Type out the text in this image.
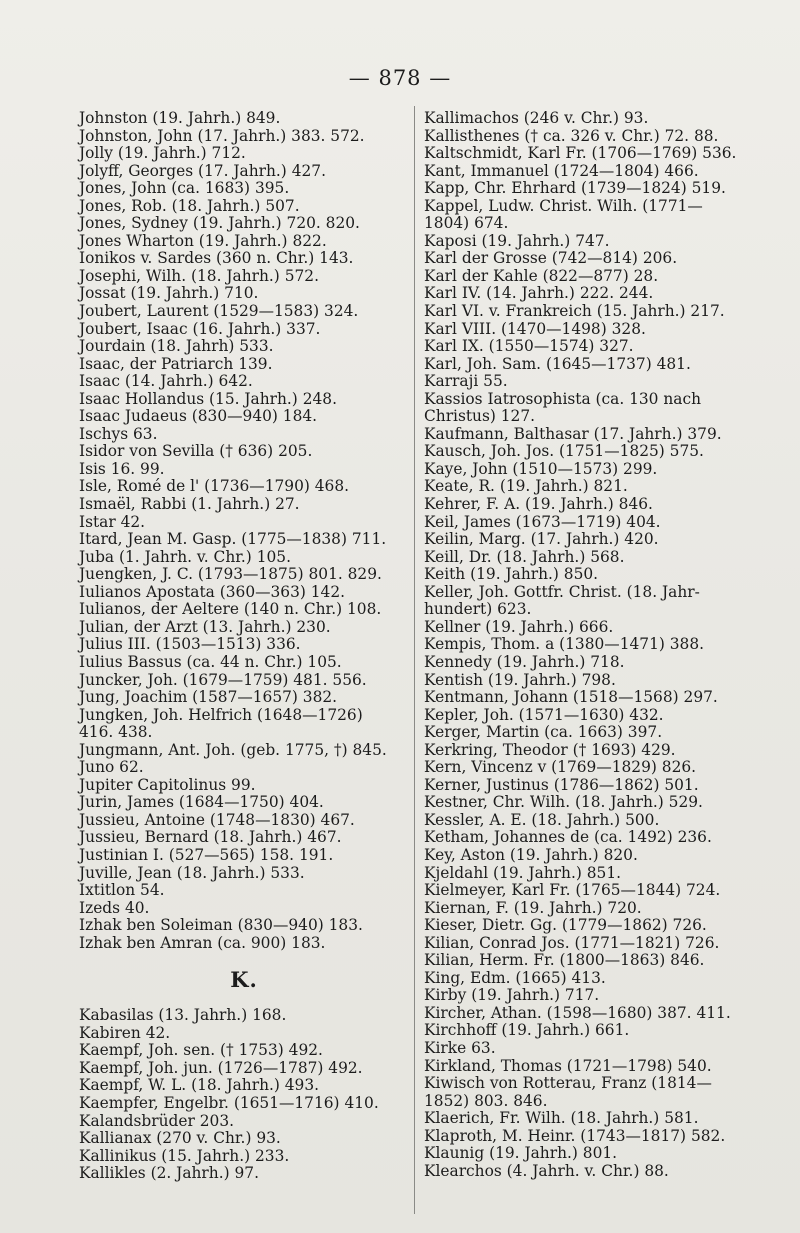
— 878 —
Johnston (19. Jahrh.) 849.
Johnston, John (17. Jahrh.) 383. 572.
Jolly (19. Jahrh.) 712.
Jolyff, Georges (17. Jahrh.) 427.
Jones, John (ca. 1683) 395.
Jones, Rob. (18. Jahrh.) 507.
Jones, Sydney (19. Jahrh.) 720. 820.
Jones Wharton (19. Jahrh.) 822.
Ionikos v. Sardes (360 n. Chr.) 143.
Josephi, Wilh. (18. Jahrh.) 572.
Jossat (19. Jahrh.) 710.
Joubert, Laurent (1529—1583) 324.
Joubert, Isaac (16. Jahrh.) 337.
Jourdain (18. Jahrh) 533.
Isaac, der Patriarch 139.
Isaac (14. Jahrh.) 642.
Isaac Hollandus (15. Jahrh.) 248.
Isaac Judaeus (830—940) 184.
Ischys 63.
Isidor von Sevilla († 636) 205.
Isis 16. 99.
Isle, Romé de l' (1736—1790) 468.
Ismaël, Rabbi (1. Jahrh.) 27.
Istar 42.
Itard, Jean M. Gasp. (1775—1838) 711.
Juba (1. Jahrh. v. Chr.) 105.
Juengken, J. C. (1793—1875) 801. 829.
Iulianos Apostata (360—363) 142.
Iulianos, der Aeltere (140 n. Chr.) 108.
Julian, der Arzt (13. Jahrh.) 230.
Julius III. (1503—1513) 336.
Iulius Bassus (ca. 44 n. Chr.) 105.
Juncker, Joh. (1679—1759) 481. 556.
Jung, Joachim (1587—1657) 382.
Jungken, Joh. Helfrich (1648—1726)
416. 438.
Jungmann, Ant. Joh. (geb. 1775, †) 845.
Juno 62.
Jupiter Capitolinus 99.
Jurin, James (1684—1750) 404.
Jussieu, Antoine (1748—1830) 467.
Jussieu, Bernard (18. Jahrh.) 467.
Justinian I. (527—565) 158. 191.
Juville, Jean (18. Jahrh.) 533.
Ixtitlon 54.
Izeds 40.
Izhak ben Soleiman (830—940) 183.
Izhak ben Amran (ca. 900) 183.
K.
Kabasilas (13. Jahrh.) 168.
Kabiren 42.
Kaempf, Joh. sen. († 1753) 492.
Kaempf, Joh. jun. (1726—1787) 492.
Kaempf, W. L. (18. Jahrh.) 493.
Kaempfer, Engelbr. (1651—1716) 410.
Kalandsbrüder 203.
Kallianax (270 v. Chr.) 93.
Kallinikus (15. Jahrh.) 233.
Kallikles (2. Jahrh.) 97.
Kallimachos (246 v. Chr.) 93.
Kallisthenes († ca. 326 v. Chr.) 72. 88.
Kaltschmidt, Karl Fr. (1706—1769) 536.
Kant, Immanuel (1724—1804) 466.
Kapp, Chr. Ehrhard (1739—1824) 519.
Kappel, Ludw. Christ. Wilh. (1771—
1804) 674.
Kaposi (19. Jahrh.) 747.
Karl der Grosse (742—814) 206.
Karl der Kahle (822—877) 28.
Karl IV. (14. Jahrh.) 222. 244.
Karl VI. v. Frankreich (15. Jahrh.) 217.
Karl VIII. (1470—1498) 328.
Karl IX. (1550—1574) 327.
Karl, Joh. Sam. (1645—1737) 481.
Karraji 55.
Kassios Iatrosophista (ca. 130 nach
Christus) 127.
Kaufmann, Balthasar (17. Jahrh.) 379.
Kausch, Joh. Jos. (1751—1825) 575.
Kaye, John (1510—1573) 299.
Keate, R. (19. Jahrh.) 821.
Kehrer, F. A. (19. Jahrh.) 846.
Keil, James (1673—1719) 404.
Keilin, Marg. (17. Jahrh.) 420.
Keill, Dr. (18. Jahrh.) 568.
Keith (19. Jahrh.) 850.
Keller, Joh. Gottfr. Christ. (18. Jahr-
hundert) 623.
Kellner (19. Jahrh.) 666.
Kempis, Thom. a (1380—1471) 388.
Kennedy (19. Jahrh.) 718.
Kentish (19. Jahrh.) 798.
Kentmann, Johann (1518—1568) 297.
Kepler, Joh. (1571—1630) 432.
Kerger, Martin (ca. 1663) 397.
Kerkring, Theodor († 1693) 429.
Kern, Vincenz v (1769—1829) 826.
Kerner, Justinus (1786—1862) 501.
Kestner, Chr. Wilh. (18. Jahrh.) 529.
Kessler, A. E. (18. Jahrh.) 500.
Ketham, Johannes de (ca. 1492) 236.
Key, Aston (19. Jahrh.) 820.
Kjeldahl (19. Jahrh.) 851.
Kielmeyer, Karl Fr. (1765—1844) 724.
Kiernan, F. (19. Jahrh.) 720.
Kieser, Dietr. Gg. (1779—1862) 726.
Kilian, Conrad Jos. (1771—1821) 726.
Kilian, Herm. Fr. (1800—1863) 846.
King, Edm. (1665) 413.
Kirby (19. Jahrh.) 717.
Kircher, Athan. (1598—1680) 387. 411.
Kirchhoff (19. Jahrh.) 661.
Kirke 63.
Kirkland, Thomas (1721—1798) 540.
Kiwisch von Rotterau, Franz (1814—
1852) 803. 846.
Klaerich, Fr. Wilh. (18. Jahrh.) 581.
Klaproth, M. Heinr. (1743—1817) 582.
Klaunig (19. Jahrh.) 801.
Klearchos (4. Jahrh. v. Chr.) 88.
